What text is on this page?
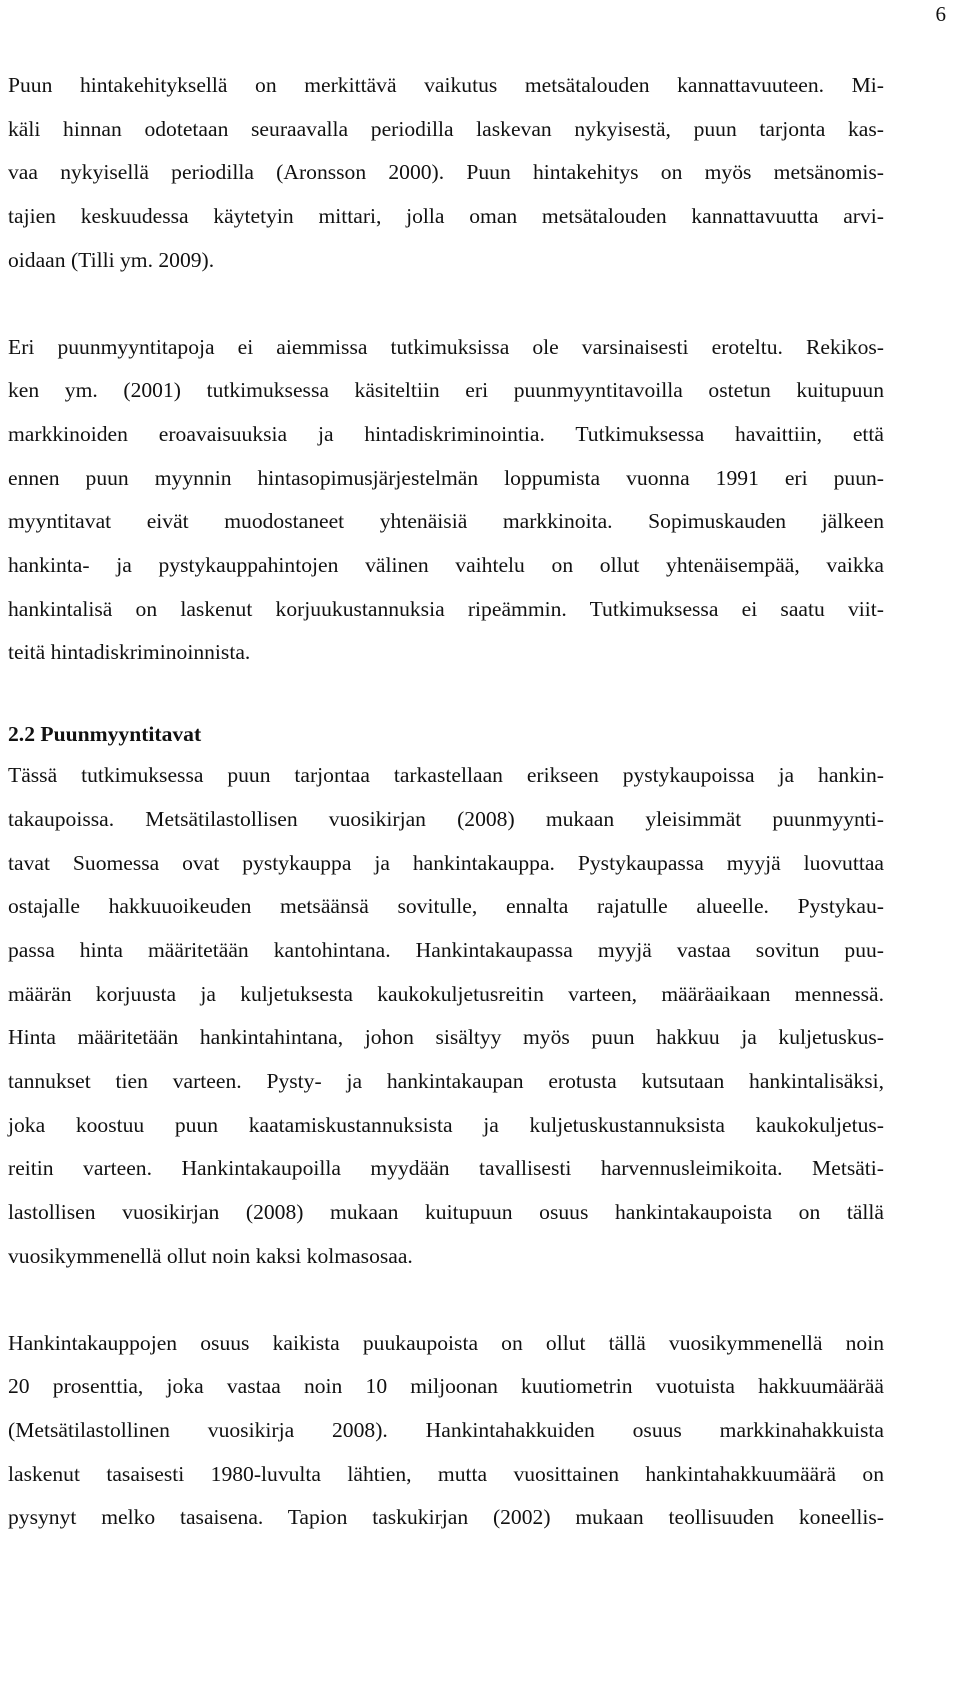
6

Puun hintakehityksellä on merkittävä vaikutus metsätalouden kannattavuuteen. Mi-
käli hinnan odotetaan seuraavalla periodilla laskevan nykyisestä, puun tarjonta kas-
vaa nykyisellä periodilla (Aronsson 2000). Puun hintakehitys on myös metsänomis-
tajien keskuudessa käytetyin mittari, jolla oman metsätalouden kannattavuutta arvi-
oidaan (Tilli ym. 2009).

Eri puunmyyntitapoja ei aiemmissa tutkimuksissa ole varsinaisesti eroteltu. Rekikos-
ken ym. (2001) tutkimuksessa käsiteltiin eri puunmyyntitavoilla ostetun kuitupuun
markkinoiden eroavaisuuksia ja hintadiskriminointia. Tutkimuksessa havaittiin, että
ennen puun myynnin hintasopimusjärjestelmän loppumista vuonna 1991 eri puun-
myyntitavat eivät muodostaneet yhtenäisiä markkinoita. Sopimuskauden jälkeen
hankinta- ja pystykauppahintojen välinen vaihtelu on ollut yhtenäisempää, vaikka
hankintalisä on laskenut korjuukustannuksia ripeämmin. Tutkimuksessa ei saatu viit-
teitä hintadiskriminoinnista.

2.2 Puunmyyntitavat

Tässä tutkimuksessa puun tarjontaa tarkastellaan erikseen pystykaupoissa ja hankin-
takaupoissa. Metsätilastollisen vuosikirjan (2008) mukaan yleisimmät puunmyynti-
tavat Suomessa ovat pystykauppa ja hankintakauppa. Pystykaupassa myyjä luovuttaa
ostajalle hakkuuoikeuden metsäänsä sovitulle, ennalta rajatulle alueelle. Pystykau-
passa hinta määritetään kantohintana. Hankintakaupassa myyjä vastaa sovitun puu-
määrän korjuusta ja kuljetuksesta kaukokuljetusreitin varteen, määräaikaan mennessä.
Hinta määritetään hankintahintana, johon sisältyy myös puun hakkuu ja kuljetuskus-
tannukset tien varteen. Pysty- ja hankintakaupan erotusta kutsutaan hankintalisäksi,
joka koostuu puun kaatamiskustannuksista ja kuljetuskustannuksista kaukokuljetus-
reitin varteen. Hankintakaupoilla myydään tavallisesti harvennusleimikoita. Metsäti-
lastollisen vuosikirjan (2008) mukaan kuitupuun osuus hankintakaupoista on tällä
vuosikymmenellä ollut noin kaksi kolmasosaa.

Hankintakauppojen osuus kaikista puukaupoista on ollut tällä vuosikymmenellä noin
20 prosenttia, joka vastaa noin 10 miljoonan kuutiometrin vuotuista hakkuumäärää
(Metsätilastollinen vuosikirja 2008). Hankintahakkuiden osuus markkinahakkuista
laskenut tasaisesti 1980-luvulta lähtien, mutta vuosittainen hankintahakkuumäärä on
pysynyt melko tasaisena. Tapion taskukirjan (2002) mukaan teollisuuden koneellis-
